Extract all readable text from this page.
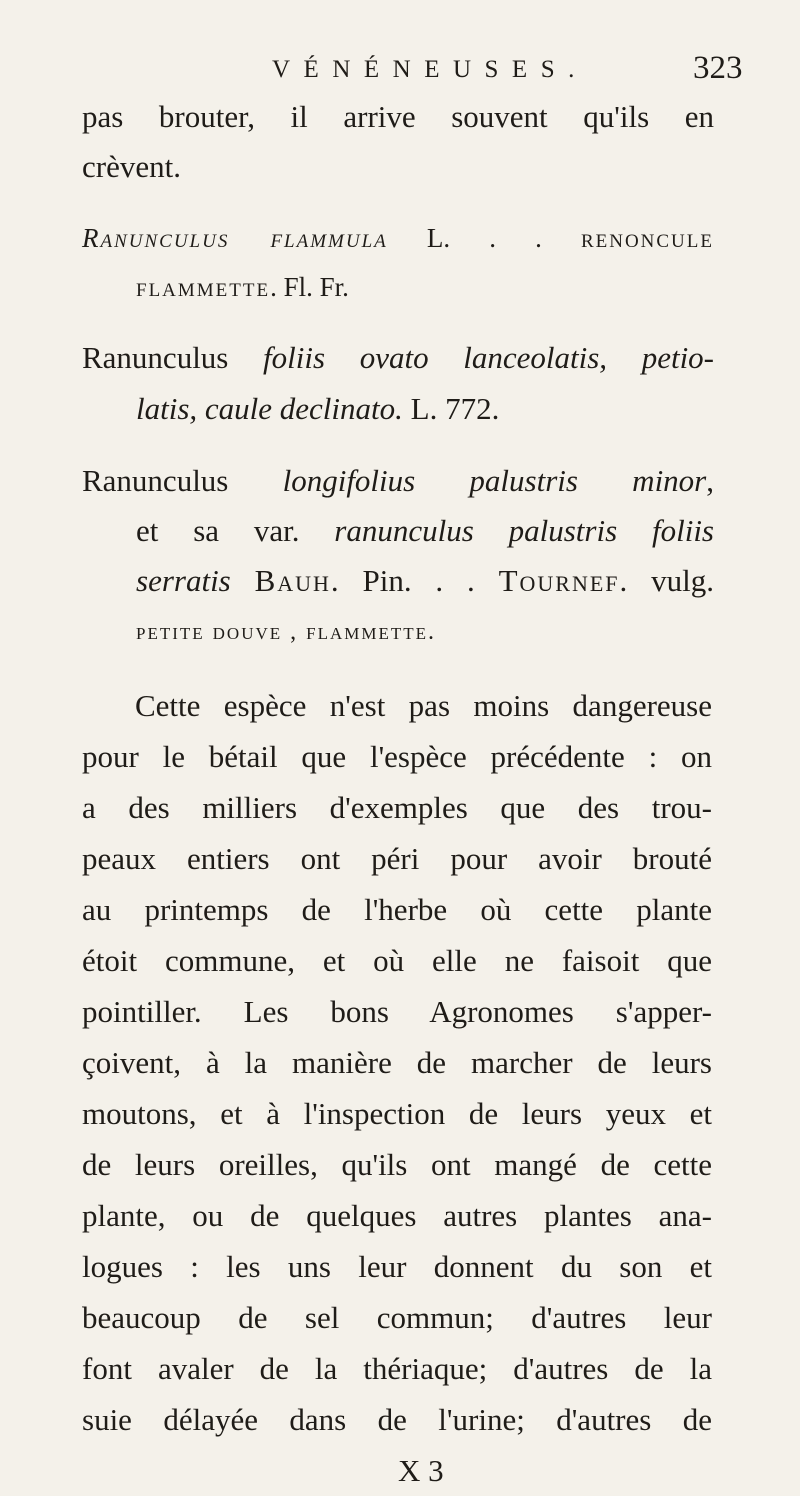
VÉNÉNEUSES.	323
pas brouter, il arrive souvent qu'ils en
crèvent.
Ranunculus flammula L. . . renoncule
flammette. Fl. Fr.
Ranunculus foliis ovato lanceolatis, petio-
latis, caule declinato. L. 772.
Ranunculus longifolius palustris minor,
et sa var. ranunculus palustris foliis
serratis Bauh. Pin. . . Tournef. vulg.
petite douve , flammette.
Cette espèce n'est pas moins dangereuse
pour le bétail que l'espèce précédente : on
a des milliers d'exemples que des trou-
peaux entiers ont péri pour avoir brouté
au printemps de l'herbe où cette plante
étoit commune, et où elle ne faisoit que
pointiller. Les bons Agronomes s'apper-
çoivent, à la manière de marcher de leurs
moutons, et à l'inspection de leurs yeux et
de leurs oreilles, qu'ils ont mangé de cette
plante, ou de quelques autres plantes ana-
logues : les uns leur donnent du son et
beaucoup de sel commun; d'autres leur
font avaler de la thériaque; d'autres de la
suie délayée dans de l'urine; d'autres de
X 3
